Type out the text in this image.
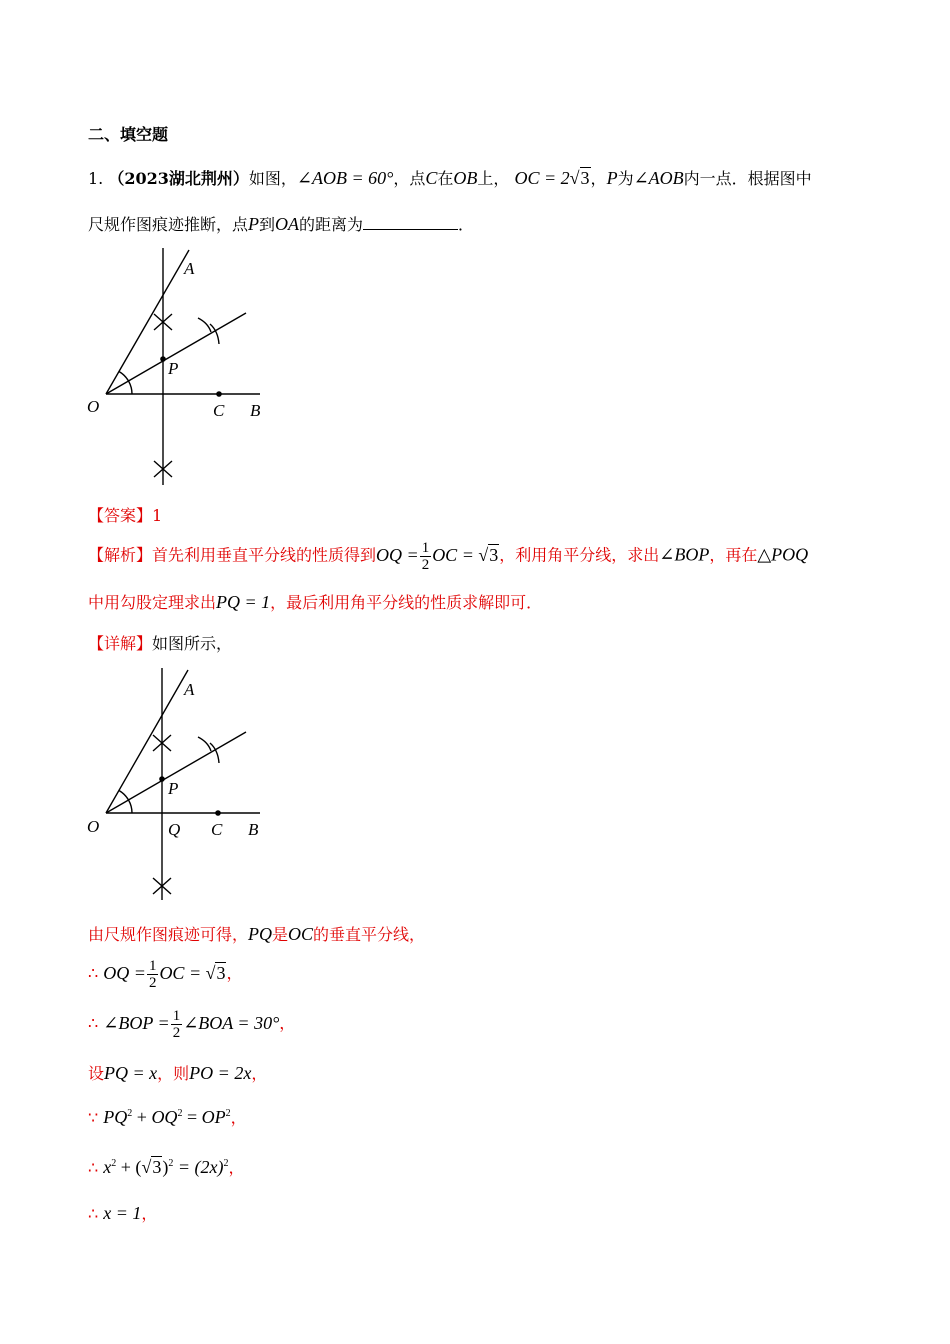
二、填空题
1. （2023湖北荆州）如图，∠AOB = 60°，点C在OB上， OC = 2√3，P为∠AOB内一点．根据图中
尺规作图痕迹推断，点P到OA的距离为	．
A
P
O	C B
【答案】1
【解析】首先利用垂直平分线的性质得到OQ = $\frac{1}{2}$ OC = √3，利用角平分线，求出∠BOP，再在△POQ
中用勾股定理求出PQ = 1，最后利用角平分线的性质求解即可．
【详解】如图所示，
A
P
O	Q C B
由尺规作图痕迹可得，PQ是OC的垂直平分线，
∴ OQ = $\frac{1}{2}$ OC = √3，
∴ ∠BOP = $\frac{1}{2}$ ∠BOA = 30°，
设PQ = x，则PO = 2x，
∵ $PQ^2 + OQ^2 = OP^2$，
∴ $x^2 + (√3)^2 = (2x)^2$，
∴ x = 1，
